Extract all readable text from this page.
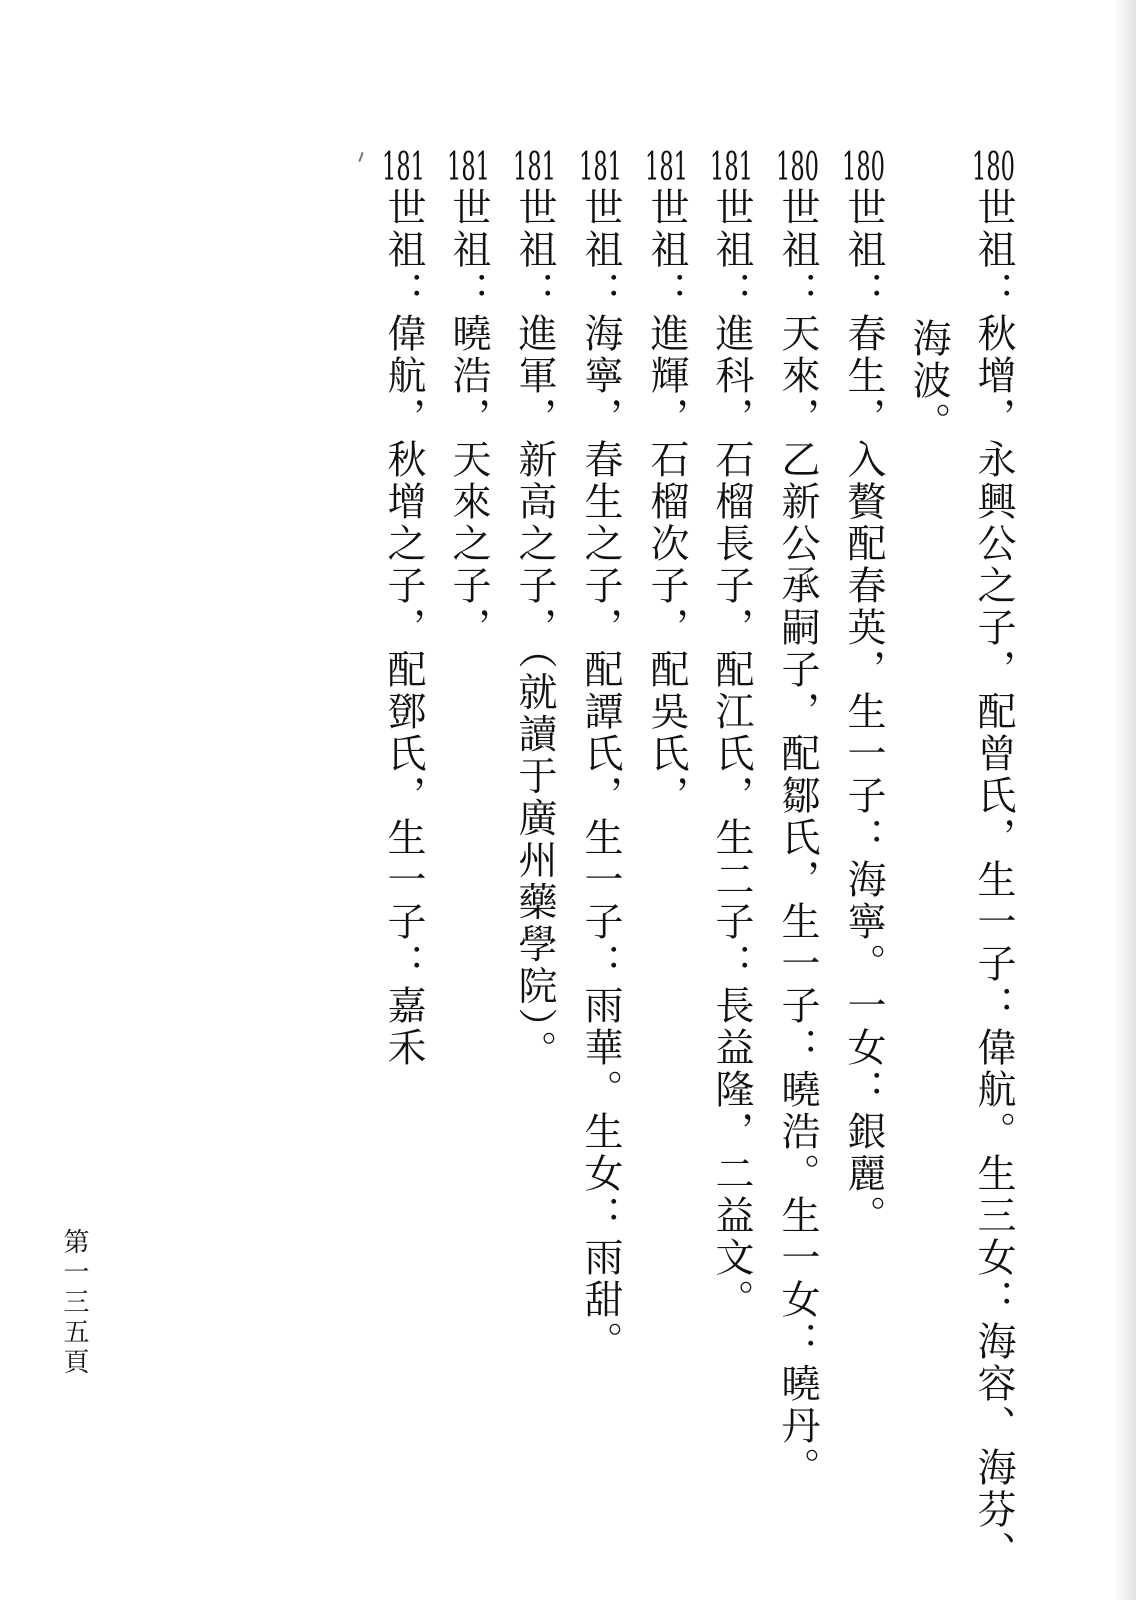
180世祖：秋增，永興公之子，配曾氏，生一子：偉航。生三女：海容、海芬、
海波。
180世祖：春生，入贅配春英，生一子：海寧。一女：銀麗。
180世祖：天來，乙新公承嗣子，配鄒氏，生一子：曉浩。生一女：曉丹。
181世祖：進科，石榴長子，配江氏，生二子：長益隆，二益文。
181世祖：進輝，石榴次子，配吳氏，
181世祖：海寧，春生之子，配譚氏，生一子：雨華。生女：雨甜。
181世祖：進軍，新高之子，（就讀于廣州藥學院）。
181世祖：曉浩，天來之子，
181世祖：偉航，秋增之子，配鄧氏，生一子：嘉禾
第一三五頁
